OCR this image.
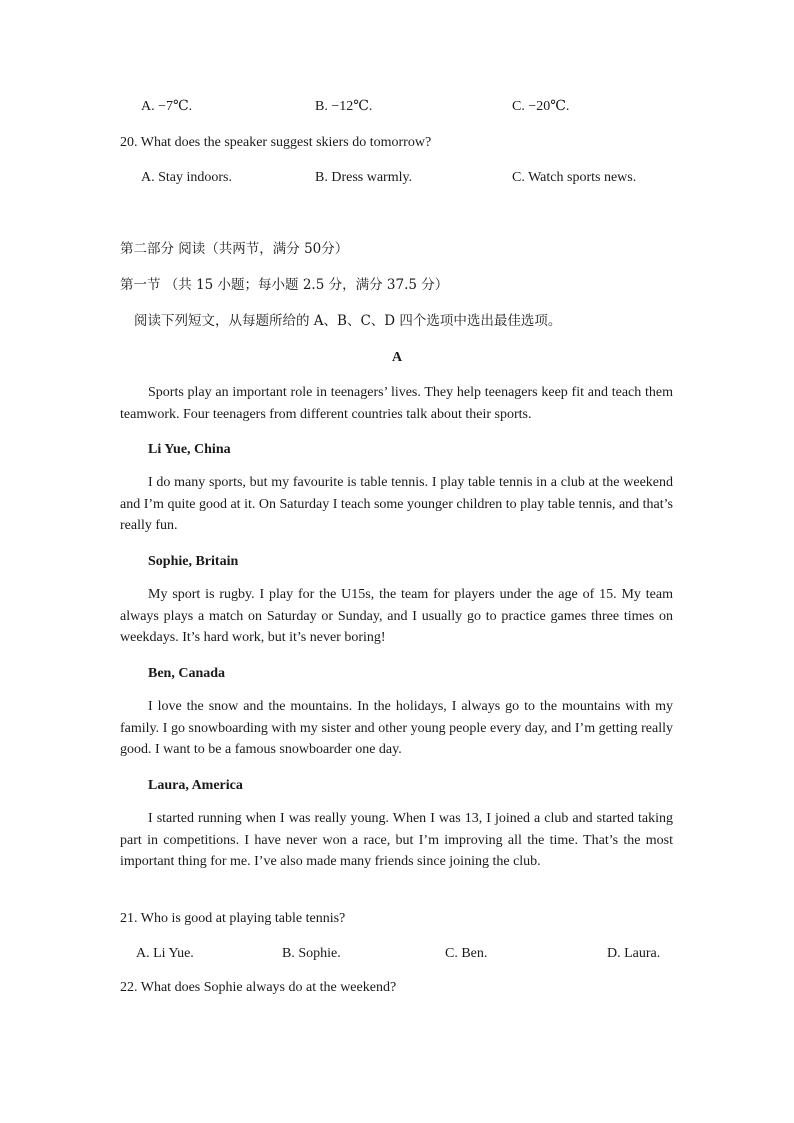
A. −7℃.	B. −12℃.	C. −20℃.
20. What does the speaker suggest skiers do tomorrow?
A. Stay indoors.	B. Dress warmly.	C. Watch sports news.
第二部分 阅读（共两节，满分 50分）
第一节 （共 15 小题；每小题 2.5 分，满分 37.5 分）
阅读下列短文，从每题所给的 A、B、C、D 四个选项中选出最佳选项。
A
Sports play an important role in teenagers’ lives. They help teenagers keep fit and teach them teamwork. Four teenagers from different countries talk about their sports.
Li Yue, China
I do many sports, but my favourite is table tennis. I play table tennis in a club at the weekend and I’m quite good at it. On Saturday I teach some younger children to play table tennis, and that’s really fun.
Sophie, Britain
My sport is rugby. I play for the U15s, the team for players under the age of 15. My team always plays a match on Saturday or Sunday, and I usually go to practice games three times on weekdays. It’s hard work, but it’s never boring!
Ben, Canada
I love the snow and the mountains. In the holidays, I always go to the mountains with my family. I go snowboarding with my sister and other young people every day, and I’m getting really good. I want to be a famous snowboarder one day.
Laura, America
I started running when I was really young. When I was 13, I joined a club and started taking part in competitions. I have never won a race, but I’m improving all the time. That’s the most important thing for me. I’ve also made many friends since joining the club.
21. Who is good at playing table tennis?
A. Li Yue.	B. Sophie.	C. Ben.	D. Laura.
22. What does Sophie always do at the weekend?
